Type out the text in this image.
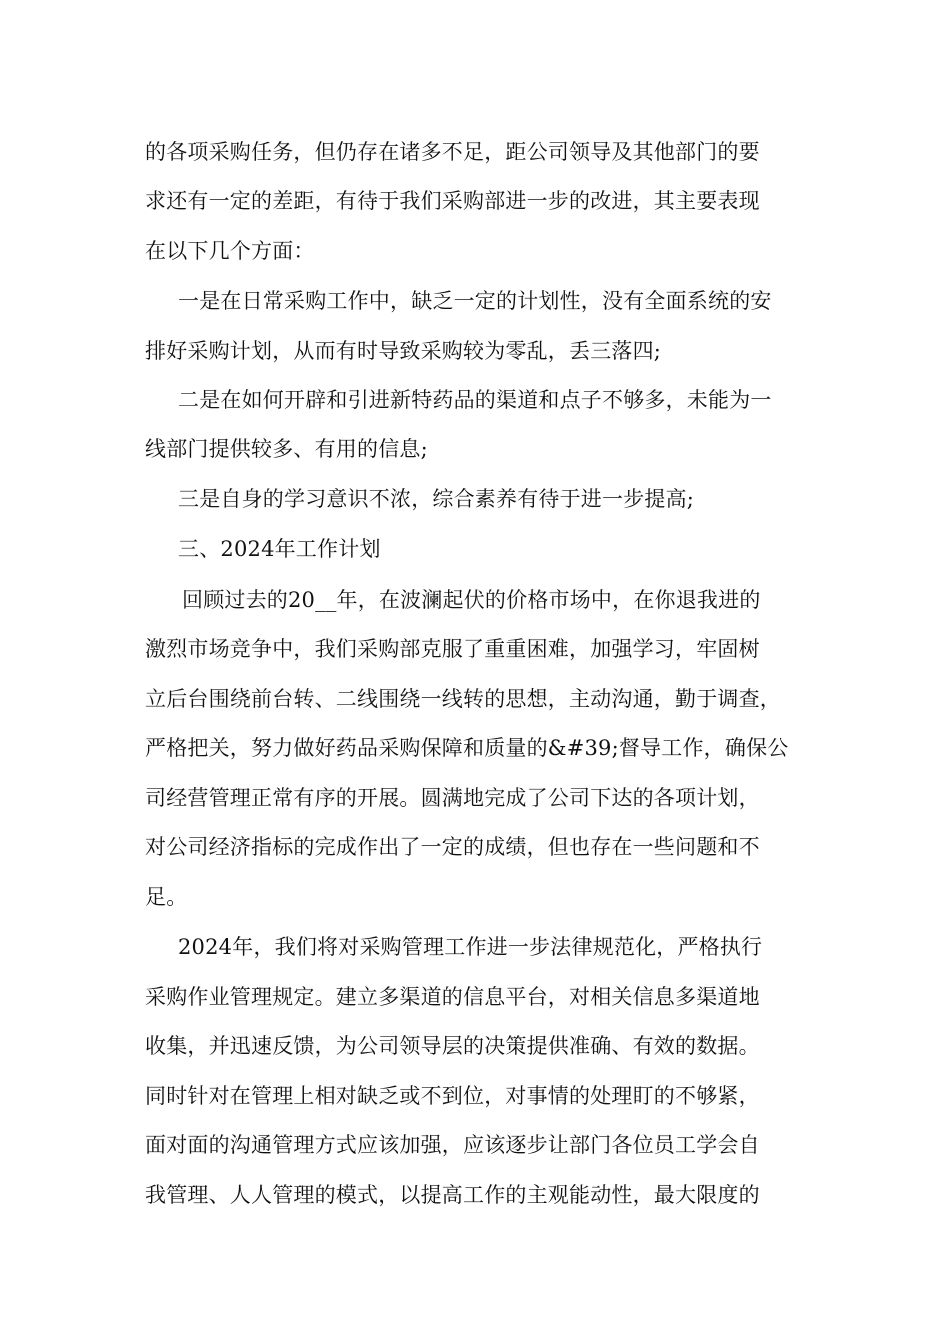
的各项采购任务，但仍存在诸多不足，距公司领导及其他部门的要
求还有一定的差距，有待于我们采购部进一步的改进，其主要表现
在以下几个方面：
一是在日常采购工作中，缺乏一定的计划性，没有全面系统的安
排好采购计划，从而有时导致采购较为零乱，丢三落四;
二是在如何开辟和引进新特药品的渠道和点子不够多，未能为一
线部门提供较多、有用的信息;
三是自身的学习意识不浓，综合素养有待于进一步提高;
三、2024年工作计划
回顾过去的20__年，在波澜起伏的价格市场中，在你退我进的
激烈市场竞争中，我们采购部克服了重重困难，加强学习，牢固树
立后台围绕前台转、二线围绕一线转的思想，主动沟通，勤于调查，
严格把关，努力做好药品采购保障和质量的&#39;督导工作，确保公
司经营管理正常有序的开展。圆满地完成了公司下达的各项计划，
对公司经济指标的完成作出了一定的成绩，但也存在一些问题和不
足。
2024年，我们将对采购管理工作进一步法律规范化，严格执行
采购作业管理规定。建立多渠道的信息平台，对相关信息多渠道地
收集，并迅速反馈，为公司领导层的决策提供准确、有效的数据。
同时针对在管理上相对缺乏或不到位，对事情的处理盯的不够紧，
面对面的沟通管理方式应该加强，应该逐步让部门各位员工学会自
我管理、人人管理的模式，以提高工作的主观能动性，最大限度的
